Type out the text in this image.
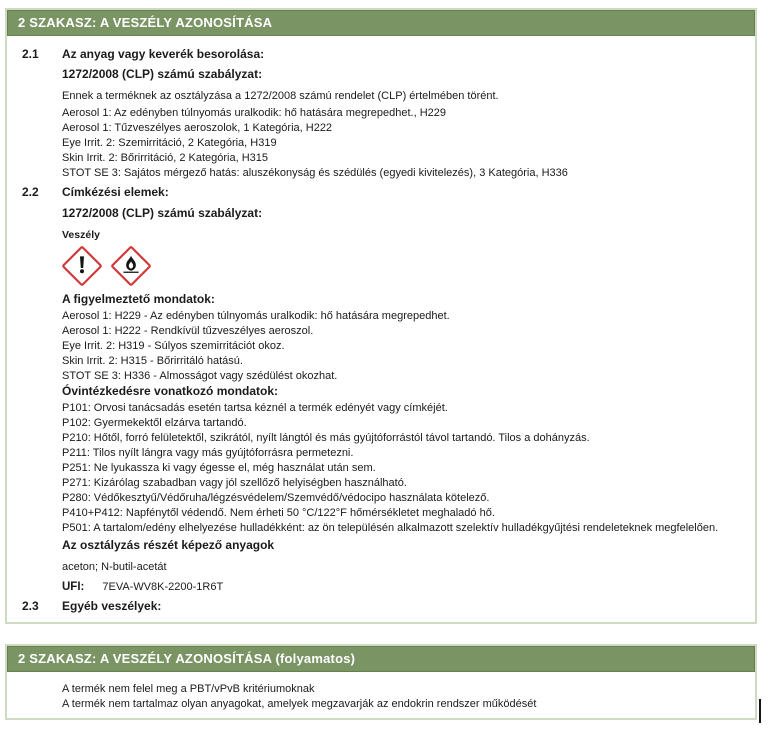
2 SZAKASZ: A VESZÉLY AZONOSÍTÁSA
2.1 Az anyag vagy keverék besorolása:
1272/2008 (CLP) számú szabályzat:
Ennek a terméknek az osztályzása a 1272/2008 számú rendelet (CLP) értelmében törént.
Aerosol 1: Az edényben túlnyomás uralkodik: hő hatására megrepedhet., H229
Aerosol 1: Tűzveszélyes aeroszolok, 1 Kategória, H222
Eye Irrit. 2: Szemirritáció, 2 Kategória, H319
Skin Irrit. 2: Bőrirritáció, 2 Kategória, H315
STOT SE 3: Sajátos mérgező hatás: aluszékonyság és szédülés (egyedi kivitelezés), 3 Kategória, H336
2.2 Címkézési elemek:
1272/2008 (CLP) számú szabályzat:
Veszély
A figyelmeztető mondatok:
Aerosol 1: H229 - Az edényben túlnyomás uralkodik: hő hatására megrepedhet.
Aerosol 1: H222 - Rendkívül tűzveszélyes aeroszol.
Eye Irrit. 2: H319 - Súlyos szemirritációt okoz.
Skin Irrit. 2: H315 - Bőrirritáló hatású.
STOT SE 3: H336 - Almosságot vagy szédülést okozhat.
Óvintézkedésre vonatkozó mondatok:
P101: Orvosi tanácsadás esetén tartsa kéznél a termék edényét vagy címkéjét.
P102: Gyermekektől elzárva tartandó.
P210: Hőtől, forró felületektől, szikrától, nyílt lángtól és más gyújtóforrástól távol tartandó. Tilos a dohányzás.
P211: Tilos nyílt lángra vagy más gyújtóforrásra permetezni.
P251: Ne lyukassza ki vagy égesse el, még használat után sem.
P271: Kizárólag szabadban vagy jól szellőző helyiségben használható.
P280: Védőkesztyű/Védőruha/légzésvédelem/Szemvédő/védocipo használata kötelező.
P410+P412: Napfénytől védendő. Nem érheti 50 °C/122°F hőmérsékletet meghaladó hő.
P501: A tartalom/edény elhelyezése hulladékként: az ön településén alkalmazott szelektív hulladékgyűjtési rendeleteknek megfelelően.
Az osztályzás részét képező anyagok
aceton; N-butil-acetát
UFI: 7EVA-WV8K-2200-1R6T
2.3 Egyéb veszélyek:
2 SZAKASZ: A VESZÉLY AZONOSÍTÁSA (folyamatos)
A termék nem felel meg a PBT/vPvB kritériumoknak
A termék nem tartalmaz olyan anyagokat, amelyek megzavarják az endokrin rendszer működését
